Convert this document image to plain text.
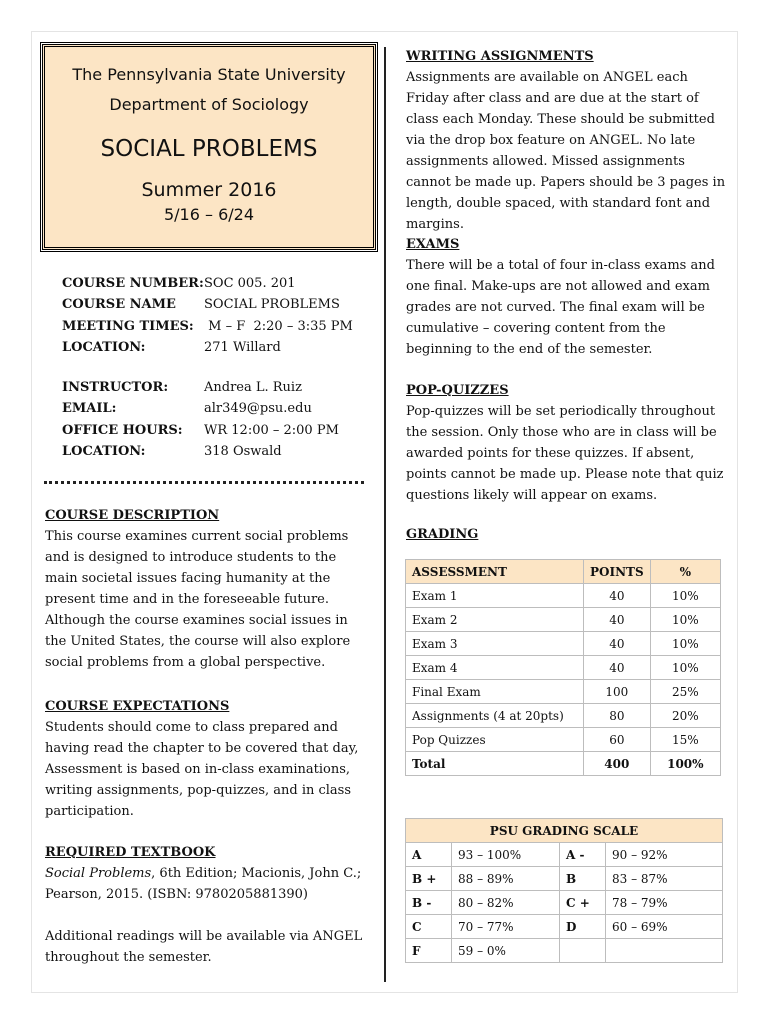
The Pennsylvania State University
Department of Sociology
SOCIAL PROBLEMS
Summer 2016
5/16 – 6/24
COURSE NUMBER: SOC 005. 201
COURSE NAME	SOCIAL PROBLEMS
MEETING TIMES: M – F  2:20 – 3:35 PM
LOCATION:	271 Willard
INSTRUCTOR:	Andrea L. Ruiz
EMAIL:	alr349@psu.edu
OFFICE HOURS:	WR 12:00 – 2:00 PM
LOCATION:	318 Oswald
COURSE DESCRIPTION

This course examines current social problems and is designed to introduce students to the main societal issues facing humanity at the present time and in the foreseeable future. Although the course examines social issues in the United States, the course will also explore social problems from a global perspective.

COURSE EXPECTATIONS

Students should come to class prepared and having read the chapter to be covered that day, Assessment is based on in-class examinations, writing assignments, pop-quizzes, and in class participation.

REQUIRED TEXTBOOK

Social Problems, 6th Edition; Macionis, John C.; Pearson, 2015. (ISBN: 9780205881390)

Additional readings will be available via ANGEL throughout the semester.

WRITING ASSIGNMENTS

Assignments are available on ANGEL each Friday after class and are due at the start of class each Monday. These should be submitted via the drop box feature on ANGEL. No late assignments allowed. Missed assignments cannot be made up. Papers should be 3 pages in length, double spaced, with standard font and margins.

EXAMS

There will be a total of four in-class exams and one final. Make-ups are not allowed and exam grades are not curved. The final exam will be cumulative – covering content from the beginning to the end of the semester.

POP-QUIZZES

Pop-quizzes will be set periodically throughout the session. Only those who are in class will be awarded points for these quizzes. If absent, points cannot be made up. Please note that quiz questions likely will appear on exams.

GRADING
ASSESSMENT	POINTS	%
Exam 1	40	10%
Exam 2	40	10%
Exam 3	40	10%
Exam 4	40	10%
Final Exam	100	25%
Assignments (4 at 20pts)	80	20%
Pop Quizzes	60	15%
Total	400	100%
PSU GRADING SCALE			
A	93 – 100%	A -	90 – 92%
B +	88 – 89%	B	83 – 87%
B -	80 – 82%	C +	78 – 79%
C	70 – 77%	D	60 – 69%
F	59 – 0%		
